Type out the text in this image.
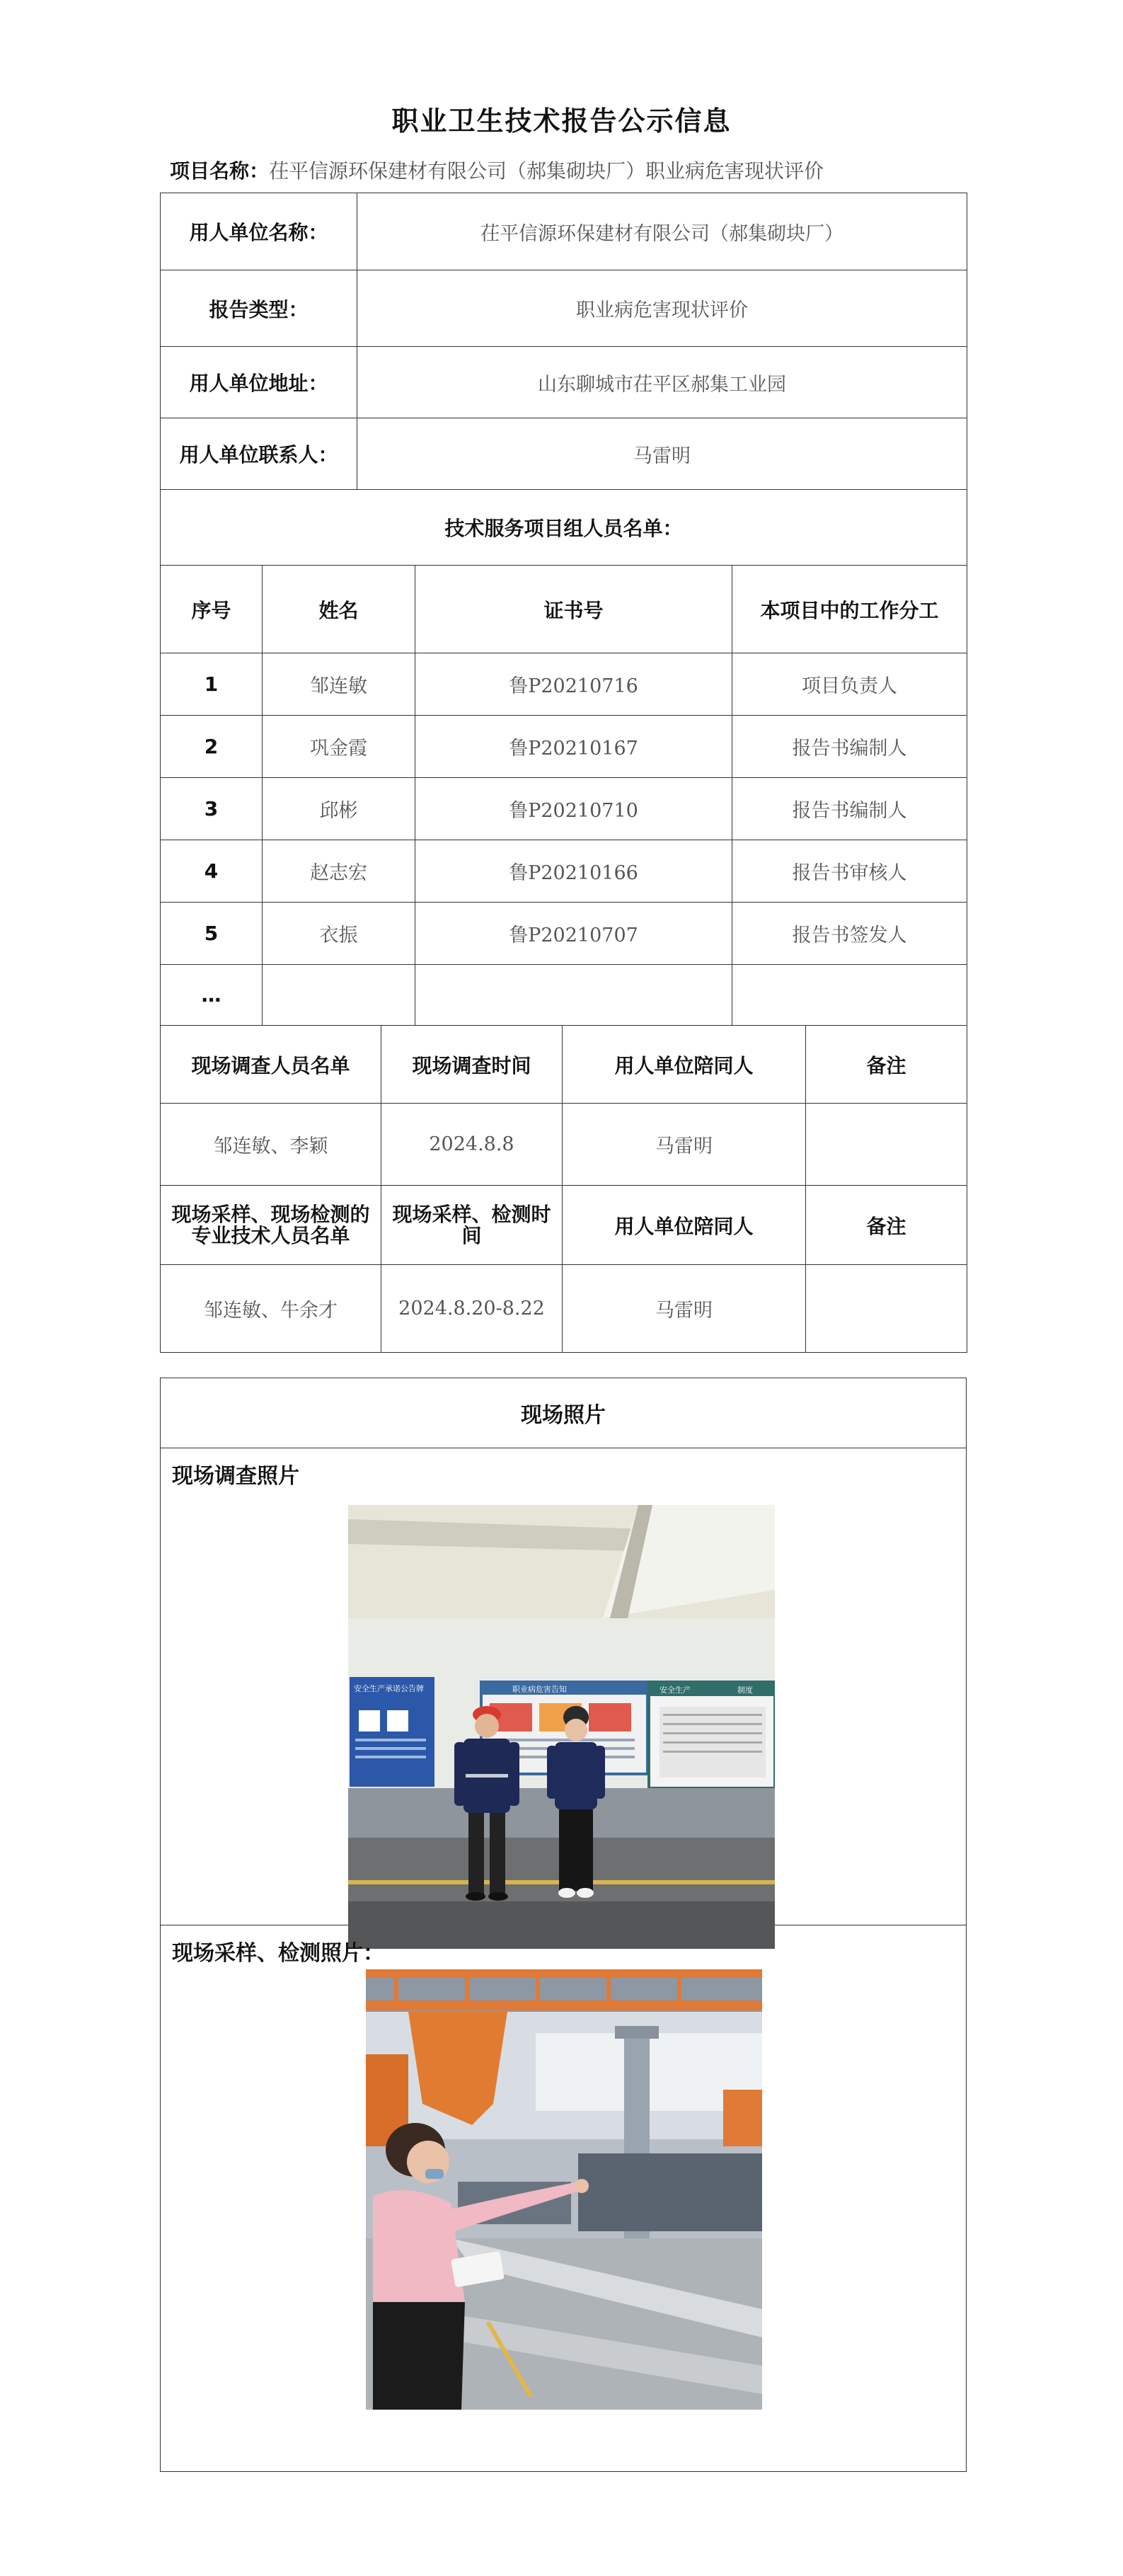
职业卫生技术报告公示信息
项目名称：茌平信源环保建材有限公司（郝集砌块厂）职业病危害现状评价
用人单位名称：	茌平信源环保建材有限公司（郝集砌块厂）
报告类型：	职业病危害现状评价
用人单位地址：	山东聊城市茌平区郝集工业园
用人单位联系人：	马雷明
技术服务项目组人员名单：	
序号	姓名	证书号	本项目中的工作分工
1	邹连敏	鲁P20210716	项目负责人
2	巩金霞	鲁P20210167	报告书编制人
3	邱彬	鲁P20210710	报告书编制人
4	赵志宏	鲁P20210166	报告书审核人
5	衣振	鲁P20210707	报告书签发人
…			
现场调查人员名单	现场调查时间	用人单位陪同人	备注
邹连敏、李颖	2024.8.8	马雷明	
现场采样、现场检测的专业技术人员名单	现场采样、检测时间	用人单位陪同人	备注
邹连敏、牛余才	2024.8.20-8.22	马雷明	
现场照片
现场调查照片
安全生产承诺公告牌	职业病危害告知	安全生产	制度
现场采样、检测照片：
